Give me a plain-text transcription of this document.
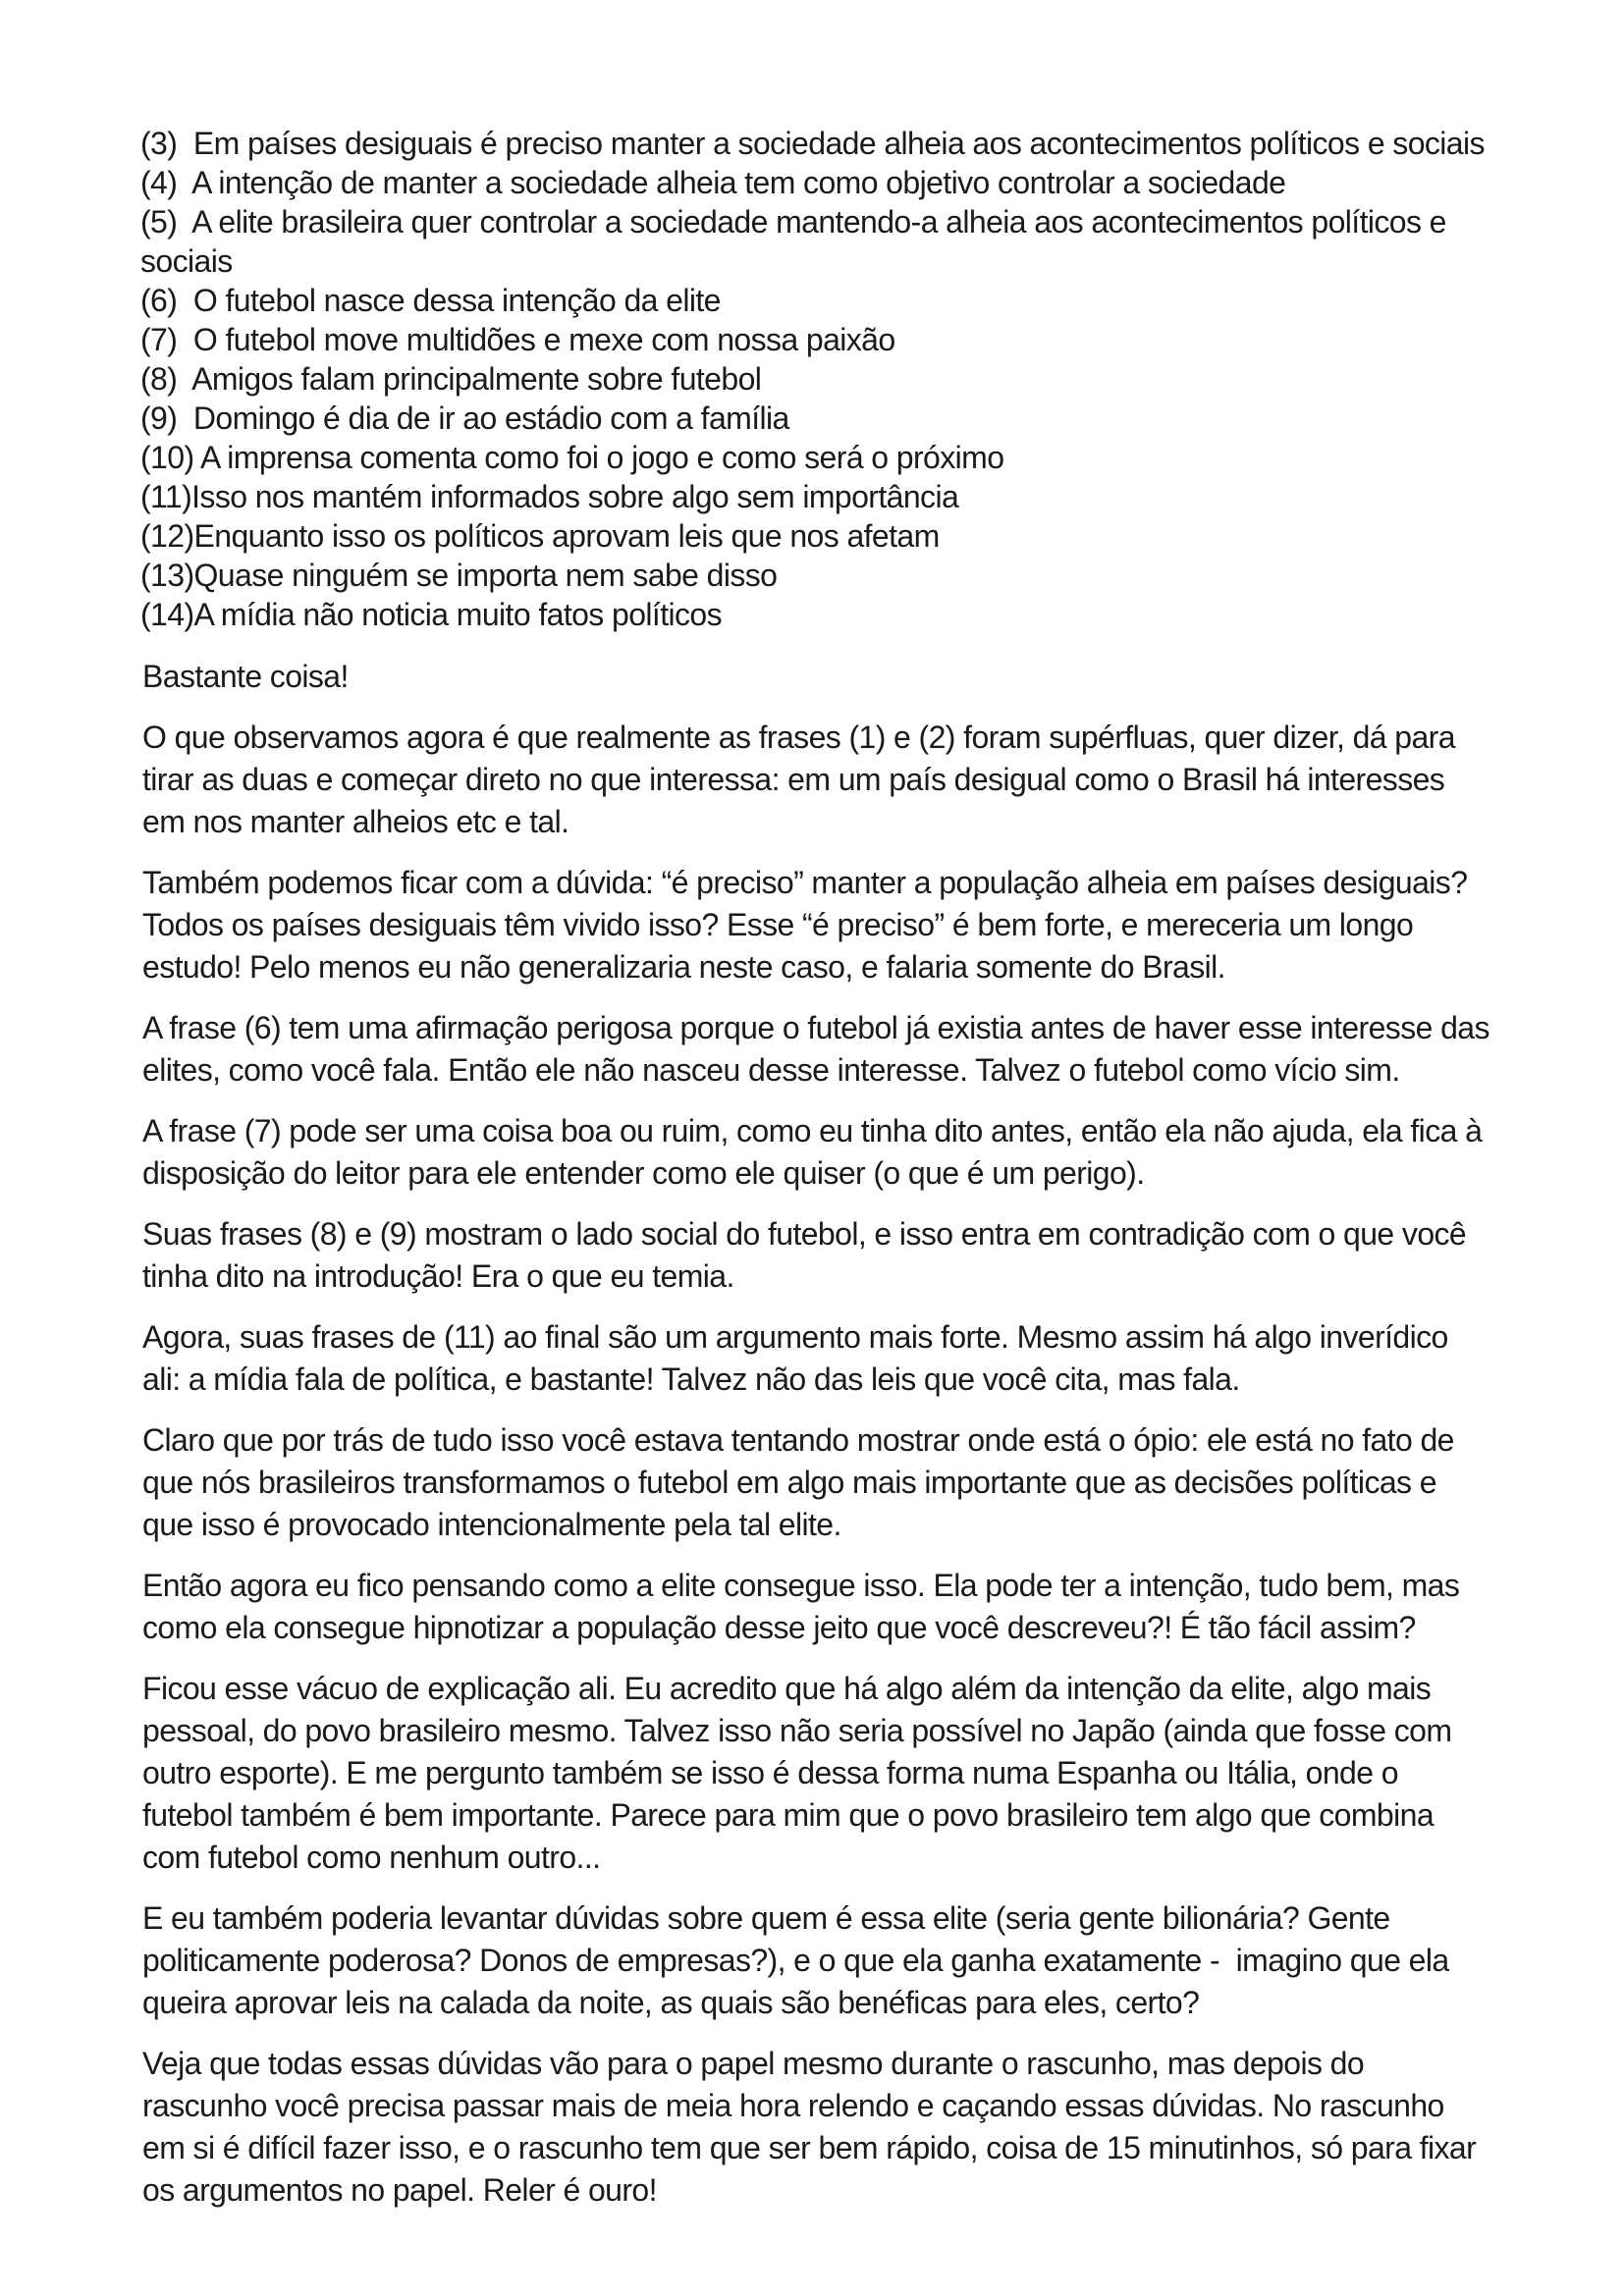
(3)  Em países desiguais é preciso manter a sociedade alheia aos acontecimentos políticos e sociais
(4)  A intenção de manter a sociedade alheia tem como objetivo controlar a sociedade
(5)  A elite brasileira quer controlar a sociedade mantendo-a alheia aos acontecimentos políticos e sociais
(6)  O futebol nasce dessa intenção da elite
(7)  O futebol move multidões e mexe com nossa paixão
(8)  Amigos falam principalmente sobre futebol
(9)  Domingo é dia de ir ao estádio com a família
(10) A imprensa comenta como foi o jogo e como será o próximo
(11)Isso nos mantém informados sobre algo sem importância
(12)Enquanto isso os políticos aprovam leis que nos afetam
(13)Quase ninguém se importa nem sabe disso
(14)A mídia não noticia muito fatos políticos
Bastante coisa!
O que observamos agora é que realmente as frases (1) e (2) foram supérfluas, quer dizer, dá para tirar as duas e começar direto no que interessa: em um país desigual como o Brasil há interesses em nos manter alheios etc e tal.
Também podemos ficar com a dúvida: “é preciso” manter a população alheia em países desiguais? Todos os países desiguais têm vivido isso? Esse “é preciso” é bem forte, e mereceria um longo estudo! Pelo menos eu não generalizaria neste caso, e falaria somente do Brasil.
A frase (6) tem uma afirmação perigosa porque o futebol já existia antes de haver esse interesse das elites, como você fala. Então ele não nasceu desse interesse. Talvez o futebol como vício sim.
A frase (7) pode ser uma coisa boa ou ruim, como eu tinha dito antes, então ela não ajuda, ela fica à disposição do leitor para ele entender como ele quiser (o que é um perigo).
Suas frases (8) e (9) mostram o lado social do futebol, e isso entra em contradição com o que você tinha dito na introdução! Era o que eu temia.
Agora, suas frases de (11) ao final são um argumento mais forte. Mesmo assim há algo inverídico ali: a mídia fala de política, e bastante! Talvez não das leis que você cita, mas fala.
Claro que por trás de tudo isso você estava tentando mostrar onde está o ópio: ele está no fato de que nós brasileiros transformamos o futebol em algo mais importante que as decisões políticas e que isso é provocado intencionalmente pela tal elite.
Então agora eu fico pensando como a elite consegue isso. Ela pode ter a intenção, tudo bem, mas como ela consegue hipnotizar a população desse jeito que você descreveu?! É tão fácil assim?
Ficou esse vácuo de explicação ali. Eu acredito que há algo além da intenção da elite, algo mais pessoal, do povo brasileiro mesmo. Talvez isso não seria possível no Japão (ainda que fosse com outro esporte). E me pergunto também se isso é dessa forma numa Espanha ou Itália, onde o futebol também é bem importante. Parece para mim que o povo brasileiro tem algo que combina com futebol como nenhum outro...
E eu também poderia levantar dúvidas sobre quem é essa elite (seria gente bilionária? Gente politicamente poderosa? Donos de empresas?), e o que ela ganha exatamente -  imagino que ela queira aprovar leis na calada da noite, as quais são benéficas para eles, certo?
Veja que todas essas dúvidas vão para o papel mesmo durante o rascunho, mas depois do rascunho você precisa passar mais de meia hora relendo e caçando essas dúvidas. No rascunho em si é difícil fazer isso, e o rascunho tem que ser bem rápido, coisa de 15 minutinhos, só para fixar os argumentos no papel. Reler é ouro!
